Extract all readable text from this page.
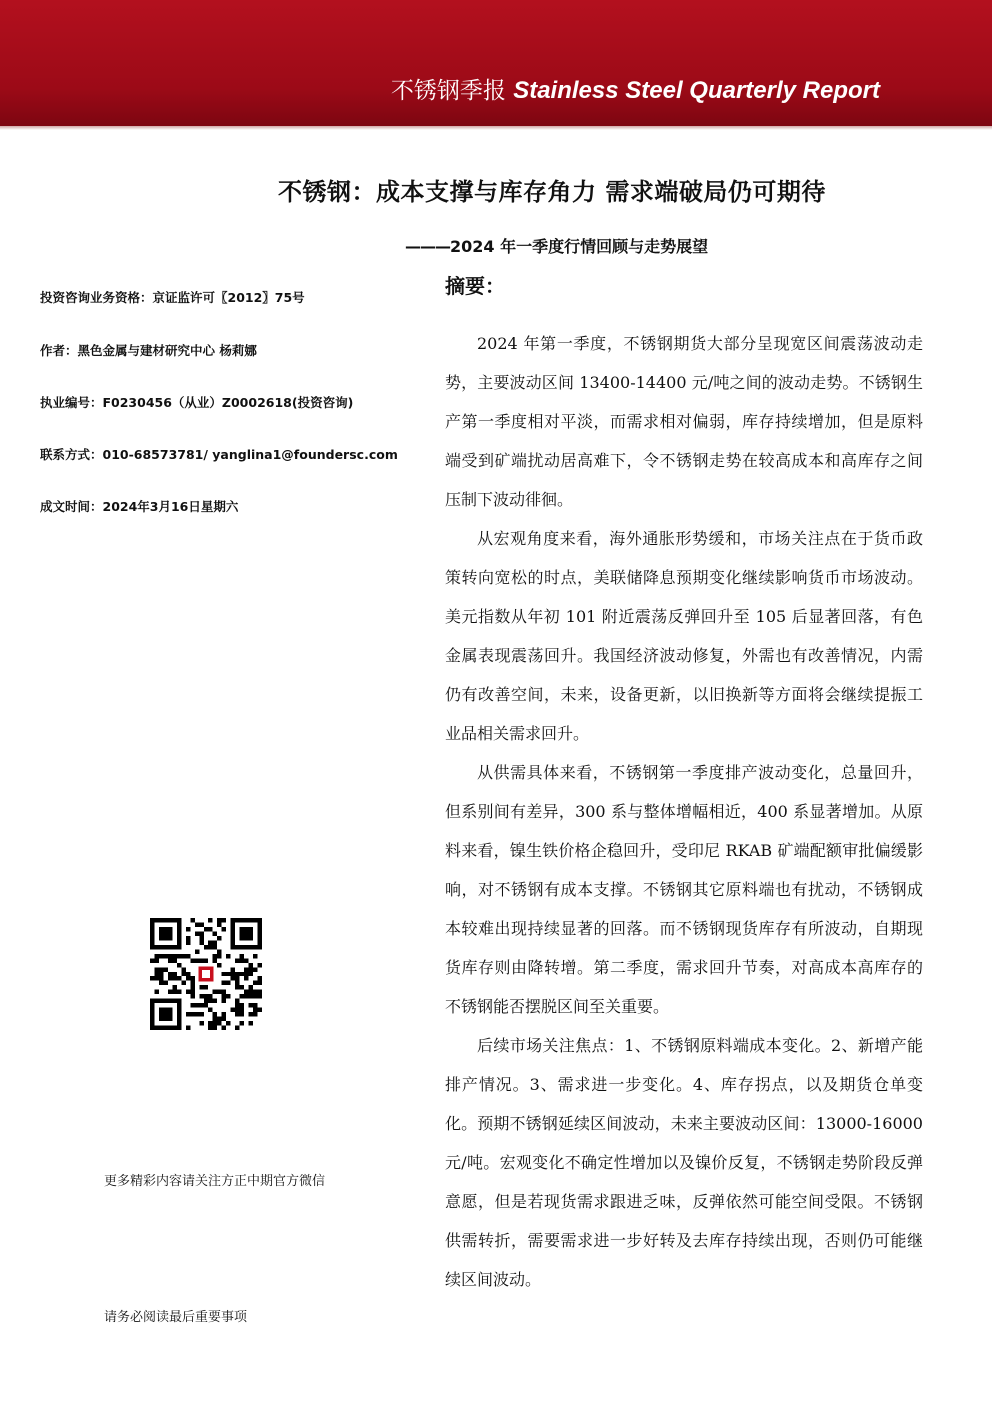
不锈钢季报 Stainless Steel Quarterly Report
不锈钢：成本支撑与库存角力 需求端破局仍可期待
———2024 年一季度行情回顾与走势展望
投资咨询业务资格：京证监许可〖2012〗75号
作者：黑色金属与建材研究中心 杨莉娜
执业编号：F0230456（从业）Z0002618(投资咨询)
联系方式：010-68573781/ yanglina1@foundersc.com
成文时间：2024年3月16日星期六
摘要：

2024 年第一季度，不锈钢期货大部分呈现宽区间震荡波动走势，主要波动区间 13400-14400 元/吨之间的波动走势。不锈钢生产第一季度相对平淡，而需求相对偏弱，库存持续增加，但是原料端受到矿端扰动居高难下，令不锈钢走势在较高成本和高库存之间压制下波动徘徊。

从宏观角度来看，海外通胀形势缓和，市场关注点在于货币政策转向宽松的时点，美联储降息预期变化继续影响货币市场波动。美元指数从年初 101 附近震荡反弹回升至 105 后显著回落，有色金属表现震荡回升。我国经济波动修复，外需也有改善情况，内需仍有改善空间，未来，设备更新，以旧换新等方面将会继续提振工业品相关需求回升。

从供需具体来看，不锈钢第一季度排产波动变化，总量回升，但系别间有差异，300 系与整体增幅相近，400 系显著增加。从原料来看，镍生铁价格企稳回升，受印尼 RKAB 矿端配额审批偏缓影响，对不锈钢有成本支撑。不锈钢其它原料端也有扰动，不锈钢成本较难出现持续显著的回落。而不锈钢现货库存有所波动，自期现货库存则由降转增。第二季度，需求回升节奏，对高成本高库存的不锈钢能否摆脱区间至关重要。

后续市场关注焦点：1、不锈钢原料端成本变化。2、新增产能排产情况。3、需求进一步变化。4、库存拐点，以及期货仓单变化。预期不锈钢延续区间波动，未来主要波动区间：13000-16000 元/吨。宏观变化不确定性增加以及镍价反复，不锈钢走势阶段反弹意愿，但是若现货需求跟进乏味，反弹依然可能空间受限。不锈钢供需转折，需要需求进一步好转及去库存持续出现，否则仍可能继续区间波动。

更多精彩内容请关注方正中期官方微信
请务必阅读最后重要事项
